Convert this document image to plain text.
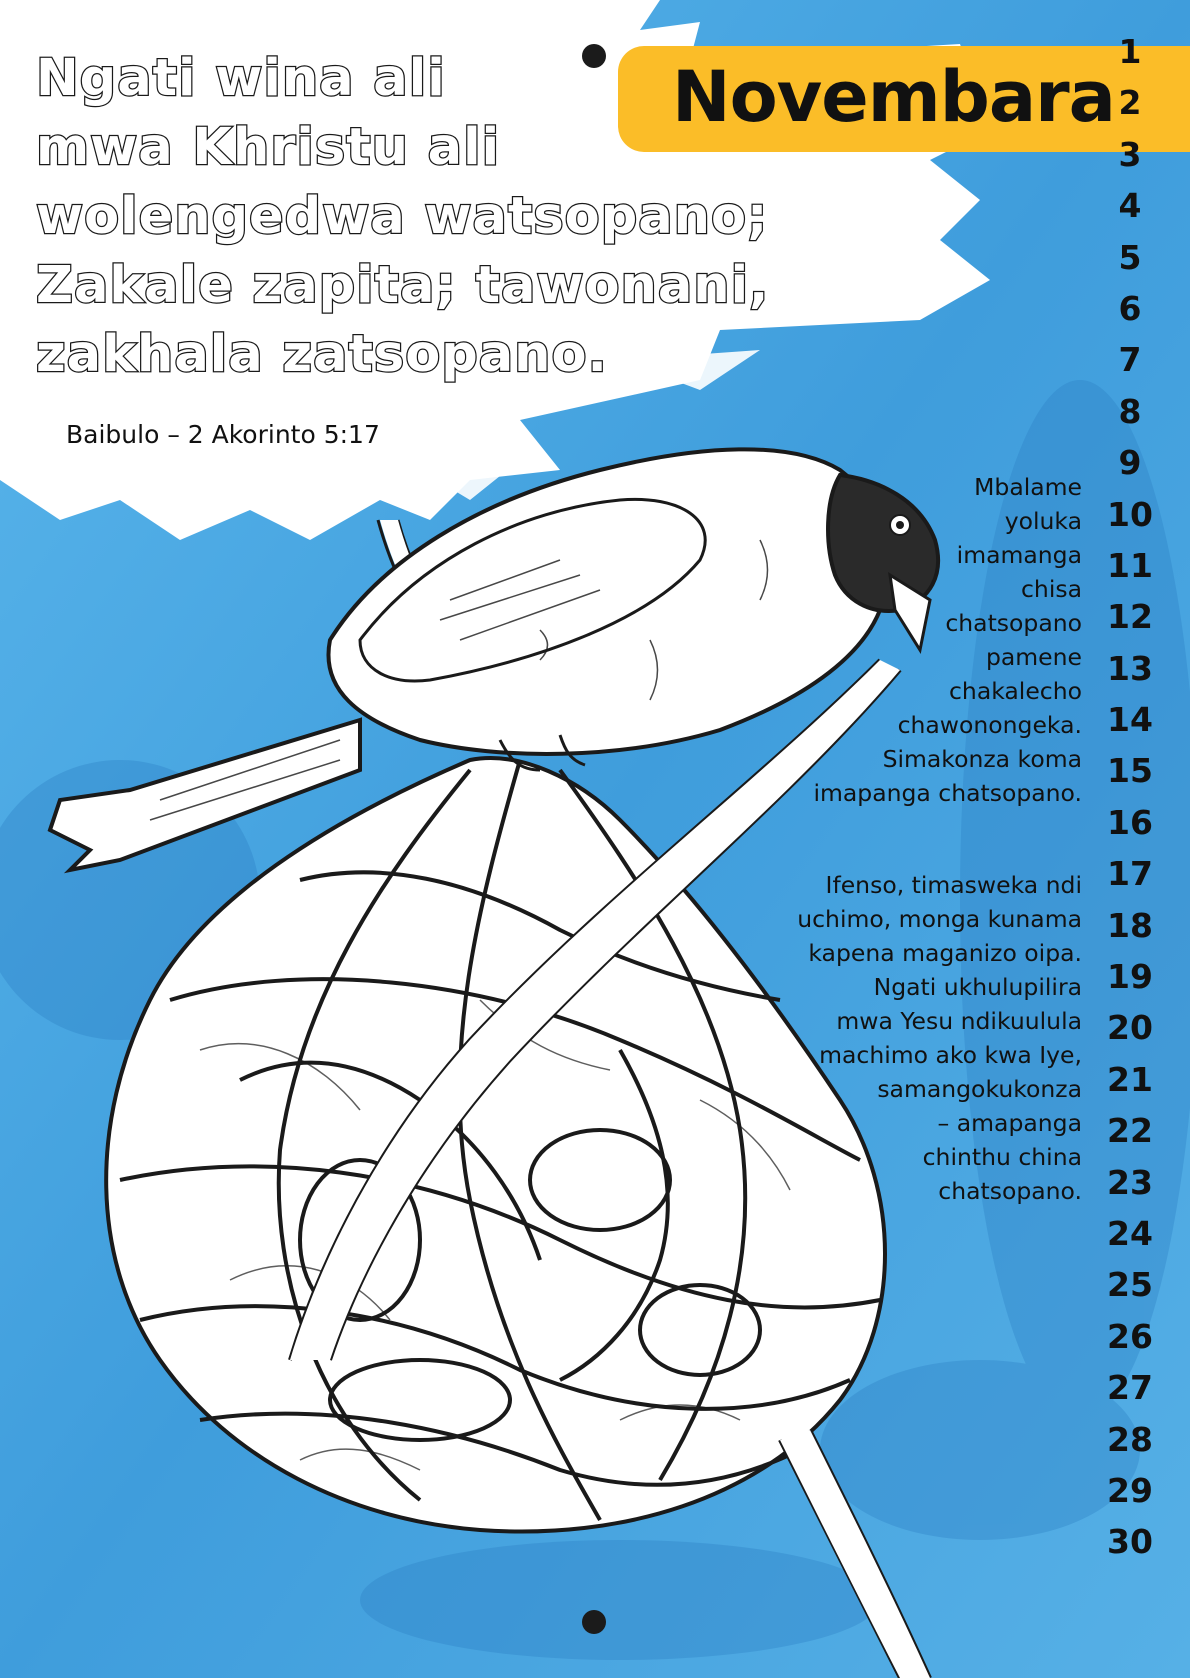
Novembara

Ngati wina ali
mwa Khristu ali
wolengedwa watsopano;
Zakale zapita; tawonani,
zakhala zatsopano.

Baibulo – 2 Akorinto 5:17
1
2
3
4
5
6
7
8
9
10
11
12
13
14
15
16
17
18
19
20
21
22
23
24
25
26
27
28
29
30

Mbalame
yoluka
imamanga
chisa
chatsopano
pamene
chakalecho
chawonongeka.
Simakonza koma
imapanga chatsopano.

Ifenso, timasweka ndi
uchimo, monga kunama
kapena maganizo oipa.
Ngati ukhulupilira
mwa Yesu ndikuulula
machimo ako kwa Iye,
samangokukonza
– amapanga
chinthu china
chatsopano.
